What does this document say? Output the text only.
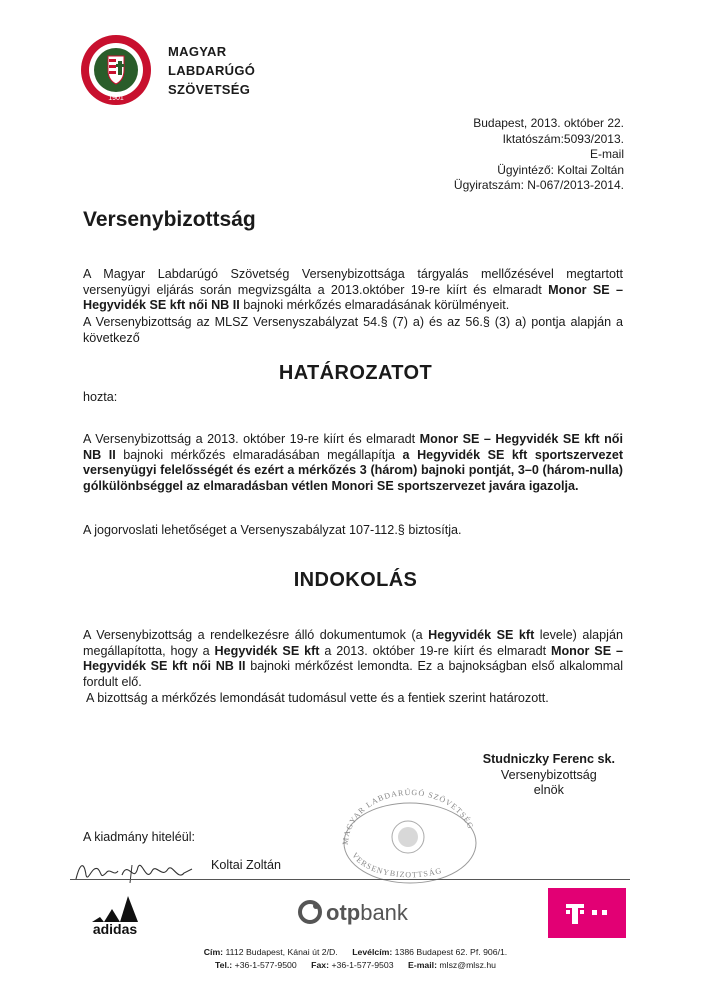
1901
MAGYAR
LABDARÚGÓ
SZÖVETSÉG
Budapest, 2013. október 22.
Iktatószám:5093/2013.
E-mail
Ügyintéző: Koltai Zoltán
Ügyiratszám: N-067/2013-2014.
Versenybizottság
A Magyar Labdarúgó Szövetség Versenybizottsága tárgyalás mellőzésével megtartott versenyügyi eljárás során megvizsgálta a 2013.október 19-re kiírt és elmaradt Monor SE – Hegyvidék SE kft női NB II bajnoki mérkőzés elmaradásának körülményeit.
A Versenybizottság az MLSZ Versenyszabályzat 54.§ (7) a) és az 56.§ (3) a) pontja alapján a következő
HATÁROZATOT
hozta:
A Versenybizottság a 2013. október 19-re kiírt és elmaradt Monor SE – Hegyvidék SE kft női NB II bajnoki mérkőzés elmaradásában megállapítja a Hegyvidék SE kft sportszervezet versenyügyi felelősségét és ezért a mérkőzés 3 (három) bajnoki pontját, 3–0 (három-nulla) gólkülönbséggel az elmaradásban vétlen Monori SE sportszervezet javára igazolja.
A jogorvoslati lehetőséget a Versenyszabályzat 107-112.§ biztosítja.
INDOKOLÁS
A Versenybizottság a rendelkezésre álló dokumentumok (a Hegyvidék SE kft levele) alapján megállapította, hogy a Hegyvidék SE kft a 2013. október 19-re kiírt és elmaradt Monor SE – Hegyvidék SE kft női NB II bajnoki mérkőzést lemondta. Ez a bajnokságban első alkalommal fordult elő.
A bizottság a mérkőzés lemondását tudomásul vette és a fentiek szerint határozott.
Studniczky Ferenc sk.
Versenybizottság
elnök
MAGYAR LABDARÚGÓ SZÖVETSÉG
VERSENYBIZOTTSÁG
A kiadmány hiteléül:
Koltai Zoltán
adidas
otpbank
Cím: 1112 Budapest, Kánai út 2/D. Levélcím: 1386 Budapest 62. Pf. 906/1.
Tel.: +36-1-577-9500 Fax: +36-1-577-9503 E-mail: mlsz@mlsz.hu
